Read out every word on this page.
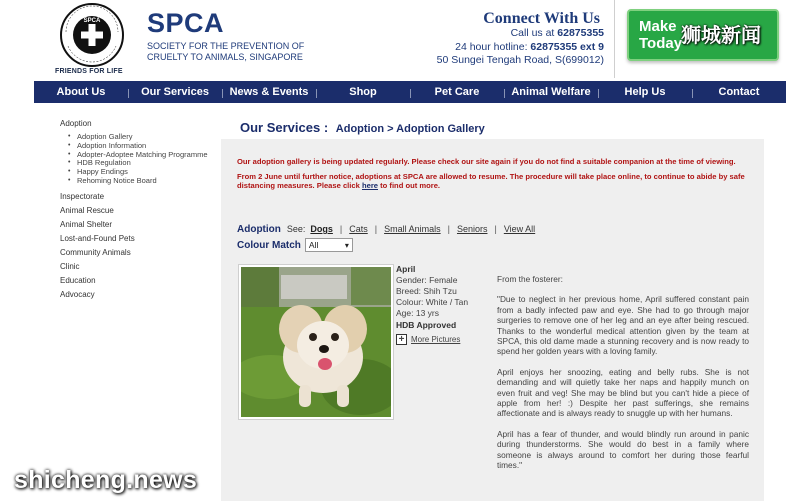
SPCA
FRIENDS FOR LIFE
SPCA
SOCIETY FOR THE PREVENTION OF CRUELTY TO ANIMALS, SINGAPORE
Connect With Us
Call us at 62875355
24 hour hotline: 62875355 ext 9
50 Sungei Tengah Road, S(699012)
Make Today
狮城新闻
About Us	Our Services	News & Events	Shop	Pet Care	Animal Welfare	Help Us	Contact
Adoption
• Adoption Gallery
• Adoption Information
• Adopter-Adoptee Matching Programme
• HDB Regulation
• Happy Endings
• Rehoming Notice Board
Inspectorate
Animal Rescue
Animal Shelter
Lost-and-Found Pets
Community Animals
Clinic
Education
Advocacy
Our Services : Adoption > Adoption Gallery

Our adoption gallery is being updated regularly. Please check our site again if you do not find a suitable companion at the time of viewing.

From 2 June until further notice, adoptions at SPCA are allowed to resume. The procedure will take place online, to continue to abide by safe distancing measures. Please click here to find out more.

Adoption See: Dogs | Cats | Small Animals | Seniors | View All
Colour Match All	▾
April
Gender: Female
Breed: Shih Tzu
Colour: White / Tan
Age: 13 yrs
HDB Approved
+ More Pictures

From the fosterer:

"Due to neglect in her previous home, April suffered constant pain from a badly infected paw and eye. She had to go through major surgeries to remove one of her leg and an eye after being rescued. Thanks to the wonderful medical attention given by the team at SPCA, this old dame made a stunning recovery and is now ready to spend her golden years with a loving family.

April enjoys her snoozing, eating and belly rubs. She is not demanding and will quietly take her naps and happily munch on even fruit and veg! She may be blind but you can't hide a piece of apple from her! :) Despite her past sufferings, she remains affectionate and is always ready to snuggle up with her humans.

April has a fear of thunder, and would blindly run around in panic during thunderstorms. She would do best in a family where someone is always around to comfort her during those fearful times."

shicheng.news
